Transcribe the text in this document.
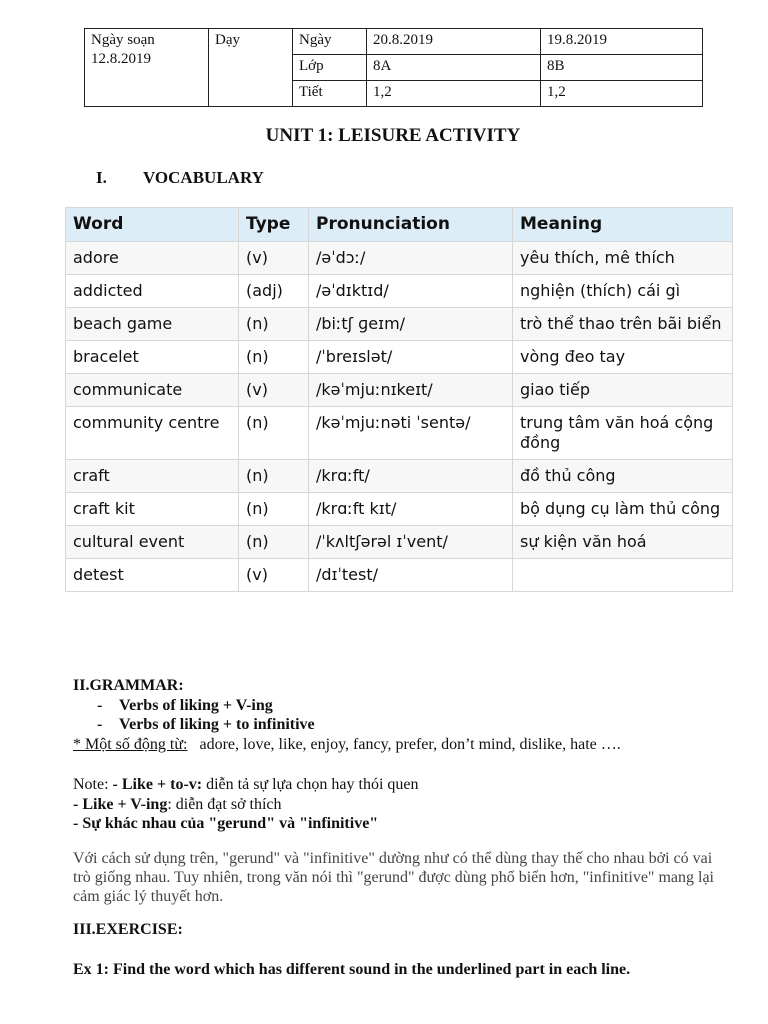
Ngày soạn
12.8.2019	Dạy	Ngày	20.8.2019	19.8.2019
		Lớp	8A	8B
		Tiết	1,2	1,2
UNIT 1: LEISURE ACTIVITY
I. VOCABULARY
Word	Type	Pronunciation	Meaning
adore	(v)	/əˈdɔː/	yêu thích, mê thích
addicted	(adj)	/əˈdɪktɪd/	nghiện (thích) cái gì
beach game	(n)	/biːtʃ ɡeɪm/	trò thể thao trên bãi biển
bracelet	(n)	/ˈbreɪslət/	vòng đeo tay
communicate	(v)	/kəˈmjuːnɪkeɪt/	giao tiếp
community centre	(n)	/kəˈmjuːnəti ˈsentə/	trung tâm văn hoá cộng đồng
craft	(n)	/krɑːft/	đồ thủ công
craft kit	(n)	/krɑːft kɪt/	bộ dụng cụ làm thủ công
cultural event	(n)	/ˈkʌltʃərəl ɪˈvent/	sự kiện văn hoá
detest	(v)	/dɪˈtest/	
II.GRAMMAR:
- Verbs of liking + V-ing
- Verbs of liking + to infinitive
* Một số động từ: adore, love, like, enjoy, fancy, prefer, don’t mind, dislike, hate ….
Note: - Like + to-v: diễn tả sự lựa chọn hay thói quen
- Like + V-ing: diễn đạt sở thích
- Sự khác nhau của "gerund" và "infinitive"
Với cách sử dụng trên, "gerund" và "infinitive" dường như có thể dùng thay thế cho nhau bởi có vai trò giống nhau. Tuy nhiên, trong văn nói thì "gerund" được dùng phổ biến hơn, "infinitive" mang lại cảm giác lý thuyết hơn.
III.EXERCISE:
Ex 1: Find the word which has different sound in the underlined part in each line.
